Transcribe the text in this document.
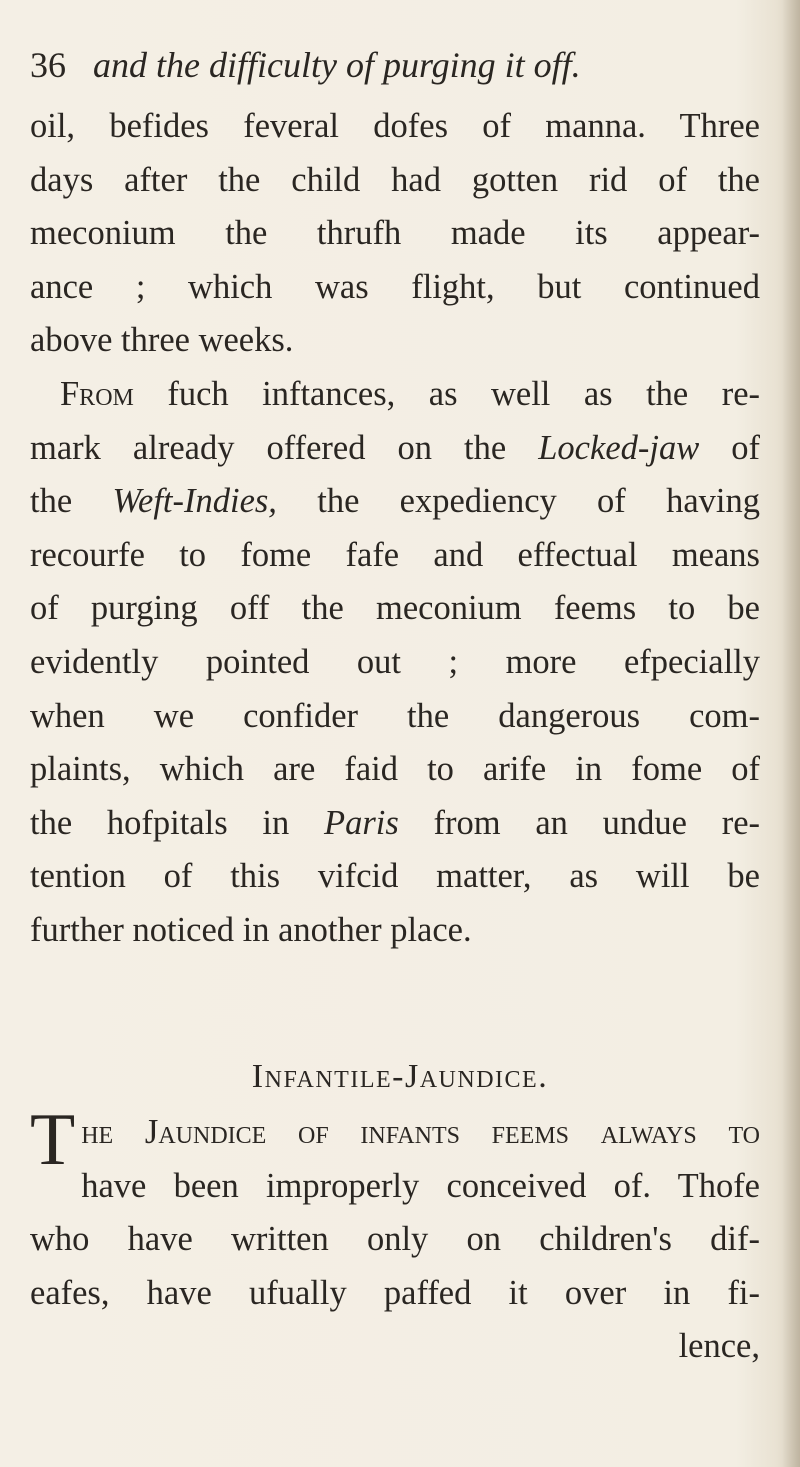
36 and the difficulty of purging it off.
oil, befides feveral dofes of manna. Three
days after the child had gotten rid of the
meconium the thrufh made its appear-
ance ; which was flight, but continued
above three weeks.
From fuch inftances, as well as the re-
mark already offered on the Locked-jaw of
the Weft-Indies, the expediency of having
recourfe to fome fafe and effectual means
of purging off the meconium feems to be
evidently pointed out ; more efpecially
when we confider the dangerous com-
plaints, which are faid to arife in fome of
the hofpitals in Paris from an undue re-
tention of this vifcid matter, as will be
further noticed in another place.
Infantile-Jaundice.
The Jaundice of infants feems always to
have been improperly conceived of. Thofe
who have written only on children's dif-
eafes, have ufually paffed it over in fi-
lence,
